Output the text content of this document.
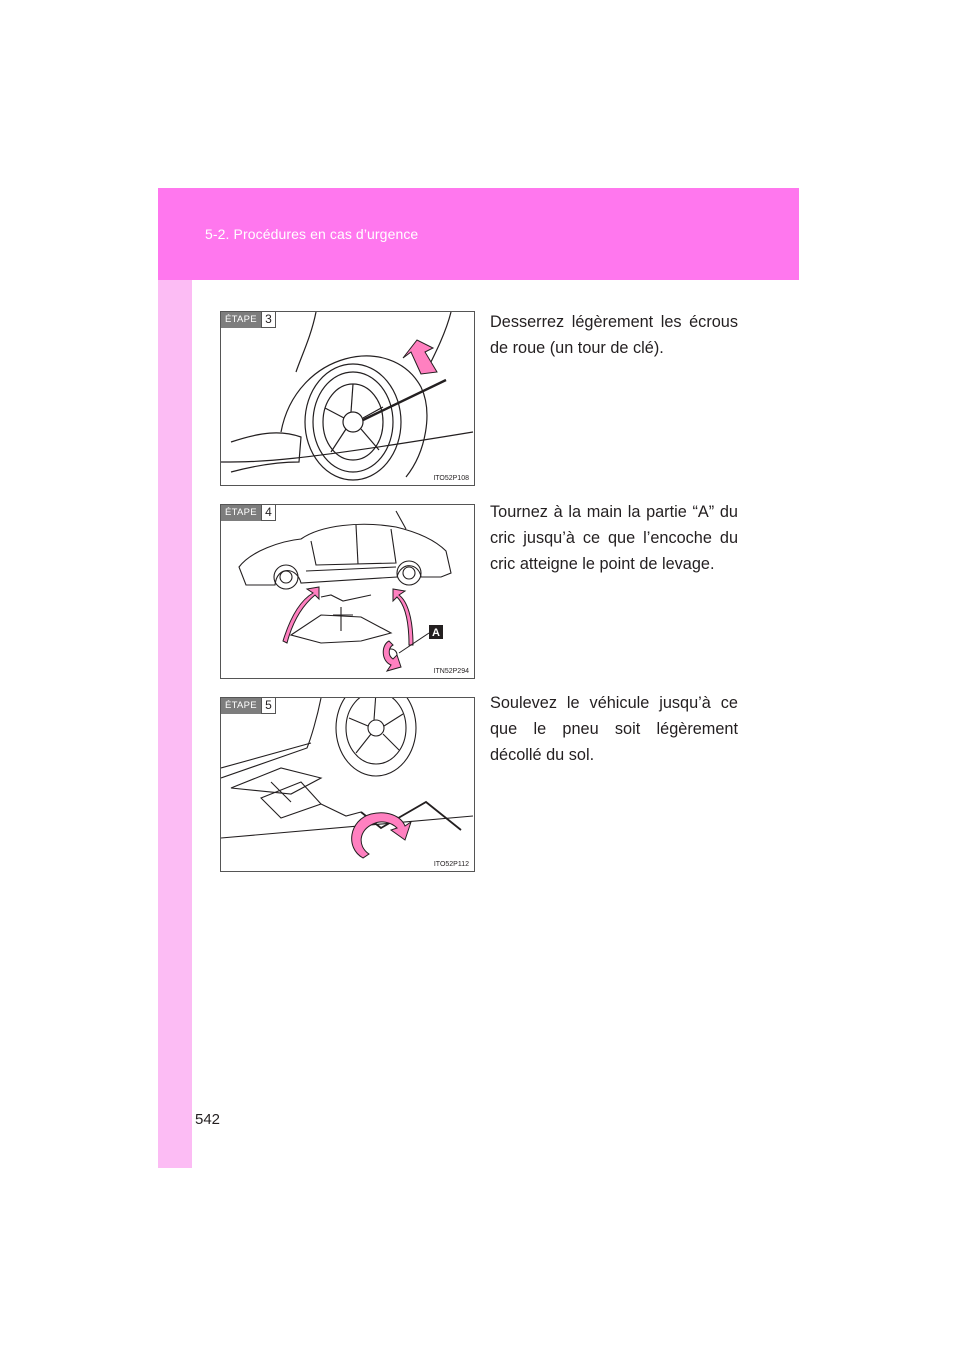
5-2. Procédures en cas d’urgence
ÉTAPE 3
ITO52P108
Desserrez légèrement les écrous de roue (un tour de clé).
ÉTAPE 4
A
ITN52P294
Tournez à la main la partie “A” du cric jusqu’à ce que l’encoche du cric atteigne le point de levage.
ÉTAPE 5
ITO52P112
Soulevez le véhicule jusqu’à ce que le pneu soit légèrement décollé du sol.
542
